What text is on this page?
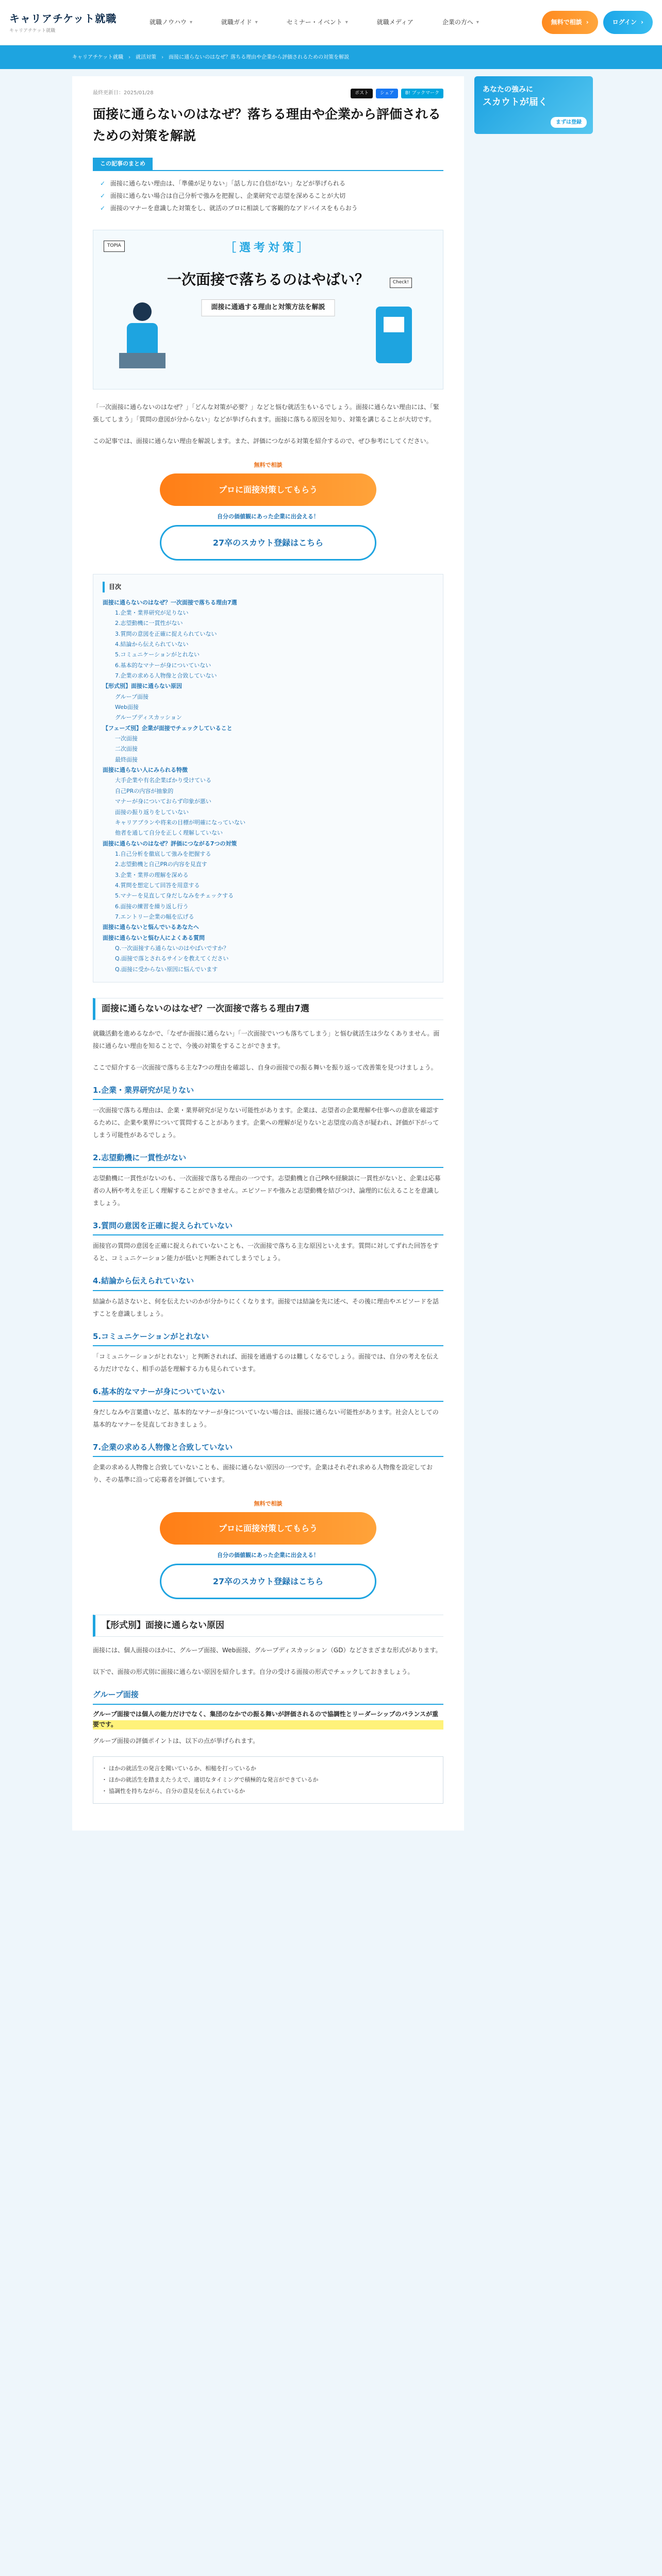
キャリアチケット就職
キャリアチケット就職
就職ノウハウ ▾	就職ガイド ▾	セミナー・イベント ▾	就職メディア	企業の方へ ▾	無料で相談 ›	ログイン ›
キャリアチケット就職 › 就活対策 › 面接に通らないのはなぜ？落ちる理由や企業から評価されるための対策を解説
あなたの強みに
スカウトが届く
まずは登録
最終更新日：2025/01/28	ポスト	シェア	B! ブックマーク
面接に通らないのはなぜ？落ちる理由や企業から評価されるための対策を解説
この記事のまとめ
✓ 面接に通らない理由は、「準備が足りない」「話し方に自信がない」などが挙げられる
✓ 面接に通らない場合は自己分析で強みを把握し、企業研究で志望を深めることが大切
✓ 面接のマナーを意識した対策をし、就活のプロに相談して客観的なアドバイスをもらおう
TOPIA	［選考対策］
一次面接で落ちるのはやばい？
面接に通過する理由と対策方法を解説
Check!

「一次面接に通らないのはなぜ？」「どんな対策が必要？」などと悩む就活生もいるでしょう。面接に通らない理由には、「緊張してしまう」「質問の意図が分からない」などが挙げられます。面接に落ちる原因を知り、対策を講じることが大切です。

この記事では、面接に通らない理由を解説します。また、評価につながる対策を紹介するので、ぜひ参考にしてください。

無料で相談
プロに面接対策してもらう
自分の価値観にあった企業に出会える！
27卒のスカウト登録はこちら
目次
面接に通らないのはなぜ？一次面接で落ちる理由7選
1.企業・業界研究が足りない
2.志望動機に一貫性がない
3.質問の意図を正確に捉えられていない
4.結論から伝えられていない
5.コミュニケーションがとれない
6.基本的なマナーが身についていない
7.企業の求める人物像と合致していない
【形式別】面接に通らない原因
グループ面接
Web面接
グループディスカッション
【フェーズ別】企業が面接でチェックしていること
一次面接
二次面接
最終面接
面接に通らない人にみられる特徴
大手企業や有名企業ばかり受けている
自己PRの内容が抽象的
マナーが身についておらず印象が悪い
面接の振り返りをしていない
キャリアプランや将来の目標が明確になっていない
他者を通して自分を正しく理解していない
面接に通らないのはなぜ？評価につながる7つの対策
1.自己分析を徹底して強みを把握する
2.志望動機と自己PRの内容を見直す
3.企業・業界の理解を深める
4.質問を想定して回答を用意する
5.マナーを見直して身だしなみをチェックする
6.面接の練習を繰り返し行う
7.エントリー企業の幅を広げる
面接に通らないと悩んでいるあなたへ
面接に通らないと悩む人によくある質問
Q.一次面接すら通らないのはやばいですか？
Q.面接で落とされるサインを教えてください
Q.面接に受からない原因に悩んでいます
面接に通らないのはなぜ？一次面接で落ちる理由7選

就職活動を進めるなかで、「なぜか面接に通らない」「一次面接でいつも落ちてしまう」と悩む就活生は少なくありません。面接に通らない理由を知ることで、今後の対策をすることができます。

ここで紹介する一次面接で落ちる主な7つの理由を確認し、自身の面接での振る舞いを振り返って改善策を見つけましょう。

1.企業・業界研究が足りない

一次面接で落ちる理由は、企業・業界研究が足りない可能性があります。企業は、志望者の企業理解や仕事への意欲を確認するために、企業や業界について質問することがあります。企業への理解が足りないと志望度の高さが疑われ、評価が下がってしまう可能性があるでしょう。

2.志望動機に一貫性がない

志望動機に一貫性がないのも、一次面接で落ちる理由の一つです。志望動機と自己PRや経験談に一貫性がないと、企業は応募者の人柄や考えを正しく理解することができません。エピソードや強みと志望動機を結びつけ、論理的に伝えることを意識しましょう。

3.質問の意図を正確に捉えられていない

面接官の質問の意図を正確に捉えられていないことも、一次面接で落ちる主な原因といえます。質問に対してずれた回答をすると、コミュニケーション能力が低いと判断されてしまうでしょう。

4.結論から伝えられていない

結論から話さないと、何を伝えたいのかが分かりにくくなります。面接では結論を先に述べ、その後に理由やエピソードを話すことを意識しましょう。

5.コミュニケーションがとれない

「コミュニケーションがとれない」と判断されれば、面接を通過するのは難しくなるでしょう。面接では、自分の考えを伝える力だけでなく、相手の話を理解する力も見られています。

6.基本的なマナーが身についていない

身だしなみや言葉遣いなど、基本的なマナーが身についていない場合は、面接に通らない可能性があります。社会人としての基本的なマナーを見直しておきましょう。

7.企業の求める人物像と合致していない

企業の求める人物像と合致していないことも、面接に通らない原因の一つです。企業はそれぞれ求める人物像を設定しており、その基準に沿って応募者を評価しています。

無料で相談
プロに面接対策してもらう
自分の価値観にあった企業に出会える！
27卒のスカウト登録はこちら
【形式別】面接に通らない原因

面接には、個人面接のほかに、グループ面接、Web面接、グループディスカッション（GD）などさまざまな形式があります。

以下で、面接の形式別に面接に通らない原因を紹介します。自分の受ける面接の形式でチェックしておきましょう。

グループ面接
グループ面接では個人の能力だけでなく、集団のなかでの振る舞いが評価されるので協調性とリーダーシップのバランスが重要です。

グループ面接の評価ポイントは、以下の点が挙げられます。

・ ほかの就活生の発言を聞いているか、相槌を打っているか
・ ほかの就活生を踏まえたうえで、適切なタイミングで積極的な発言ができているか
・ 協調性を持ちながら、自分の意見を伝えられているか
